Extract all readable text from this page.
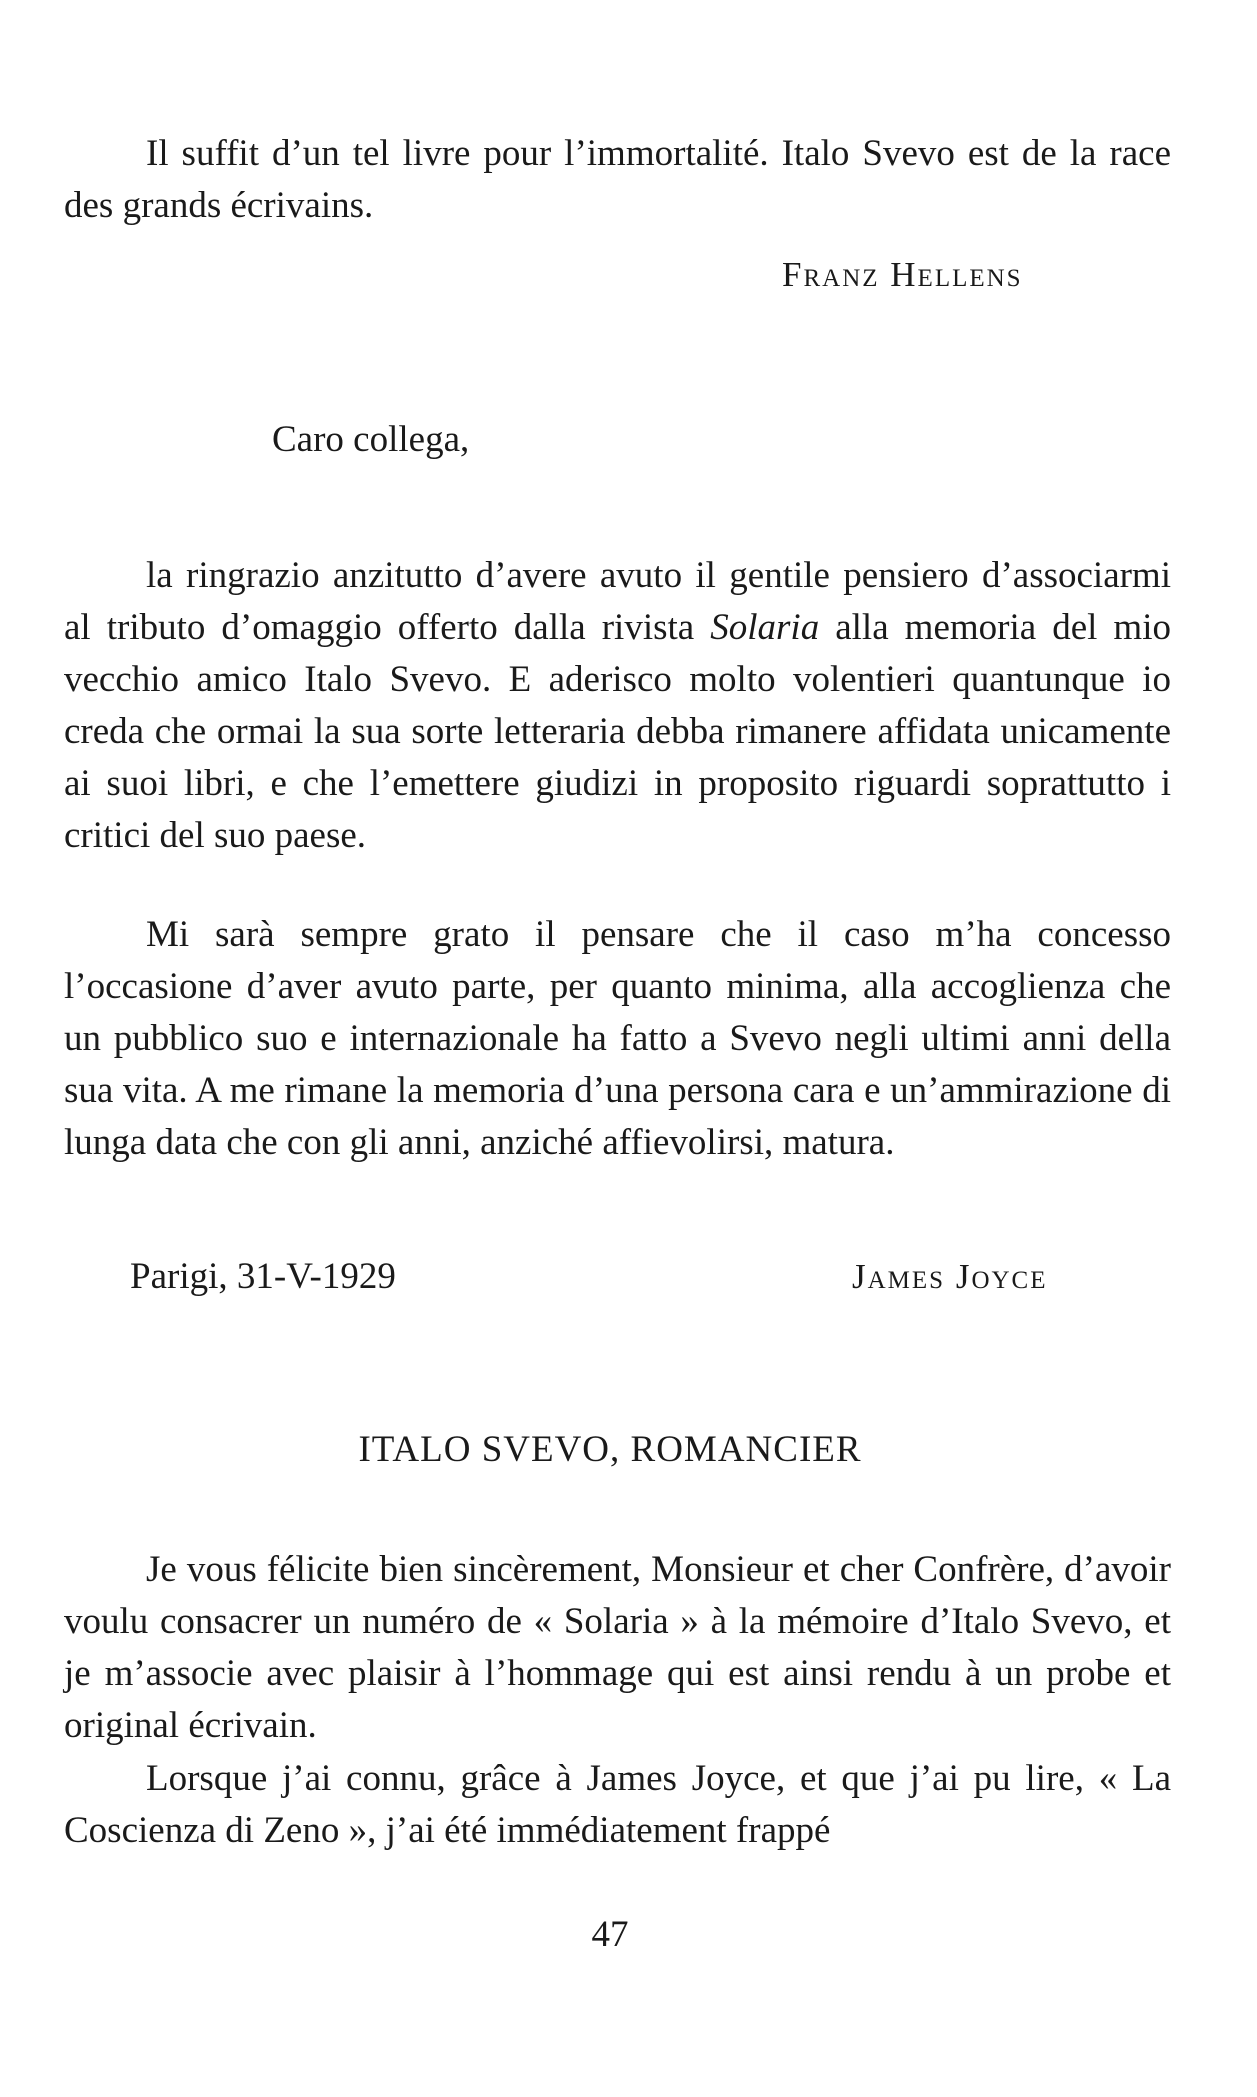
Il suffit d’un tel livre pour l’immortalité. Italo Svevo est de la race des grands écrivains.

Franz Hellens

Caro collega,

la ringrazio anzitutto d’avere avuto il gentile pensiero d’associarmi al tributo d’omaggio offerto dalla rivista Solaria alla memoria del mio vecchio amico Italo Svevo. E aderisco molto volentieri quantunque io creda che ormai la sua sorte letteraria debba rimanere affidata unicamente ai suoi libri, e che l’emettere giudizi in proposito riguardi soprattutto i critici del suo paese.

Mi sarà sempre grato il pensare che il caso m’ha concesso l’occasione d’aver avuto parte, per quanto minima, alla accoglienza che un pubblico suo e internazionale ha fatto a Svevo negli ultimi anni della sua vita. A me rimane la memoria d’una persona cara e un’ammirazione di lunga data che con gli anni, anziché affievolirsi, matura.

Parigi, 31-V-1929	James Joyce

ITALO SVEVO, ROMANCIER

Je vous félicite bien sincèrement, Monsieur et cher Confrère, d’avoir voulu consacrer un numéro de « Solaria » à la mémoire d’Italo Svevo, et je m’associe avec plaisir à l’hommage qui est ainsi rendu à un probe et original écrivain.

Lorsque j’ai connu, grâce à James Joyce, et que j’ai pu lire, « La Coscienza di Zeno », j’ai été immédiatement frappé

47
